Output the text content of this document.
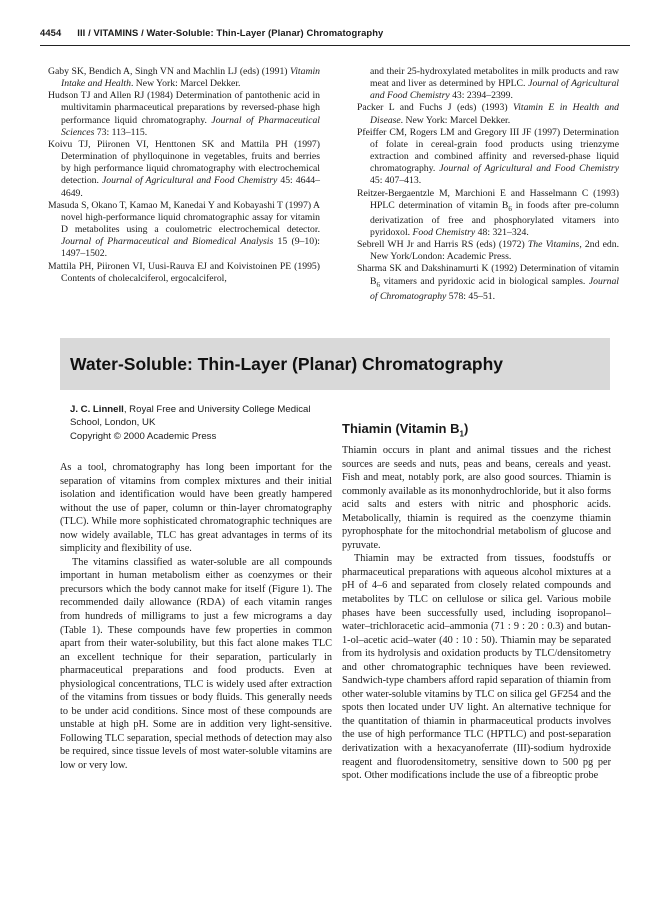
4454 III / VITAMINS / Water-Soluble: Thin-Layer (Planar) Chromatography

Gaby SK, Bendich A, Singh VN and Machlin LJ (eds) (1991) Vitamin Intake and Health. New York: Marcel Dekker.

Hudson TJ and Allen RJ (1984) Determination of pantothenic acid in multivitamin pharmaceutical preparations by reversed-phase high performance liquid chromatography. Journal of Pharmaceutical Sciences 73: 113–115.

Koivu TJ, Piironen VI, Henttonen SK and Mattila PH (1997) Determination of phylloquinone in vegetables, fruits and berries by high performance liquid chromatography with electrochemical detection. Journal of Agricultural and Food Chemistry 45: 4644–4649.

Masuda S, Okano T, Kamao M, Kanedai Y and Kobayashi T (1997) A novel high-performance liquid chromatographic assay for vitamin D metabolites using a coulometric electrochemical detector. Journal of Pharmaceutical and Biomedical Analysis 15 (9–10): 1497–1502.

Mattila PH, Piironen VI, Uusi-Rauva EJ and Koivistoinen PE (1995) Contents of cholecalciferol, ergocalciferol,

and their 25-hydroxylated metabolites in milk products and raw meat and liver as determined by HPLC. Journal of Agricultural and Food Chemistry 43: 2394–2399.

Packer L and Fuchs J (eds) (1993) Vitamin E in Health and Disease. New York: Marcel Dekker.

Pfeiffer CM, Rogers LM and Gregory III JF (1997) Determination of folate in cereal-grain food products using trienzyme extraction and combined affinity and reversed-phase liquid chromatography. Journal of Agricultural and Food Chemistry 45: 407–413.

Reitzer-Bergaentzle M, Marchioni E and Hasselmann C (1993) HPLC determination of vitamin $B_6$ in foods after pre-column derivatization of free and phosphorylated vitamers into pyridoxol. Food Chemistry 48: 321–324.

Sebrell WH Jr and Harris RS (eds) (1972) The Vitamins, 2nd edn. New York/London: Academic Press.

Sharma SK and Dakshinamurti K (1992) Determination of vitamin $B_6$ vitamers and pyridoxic acid in biological samples. Journal of Chromatography 578: 45–51.

Water-Soluble: Thin-Layer (Planar) Chromatography
J. C. Linnell, Royal Free and University College Medical School, London, UK
Copyright © 2000 Academic Press

As a tool, chromatography has long been important for the separation of vitamins from complex mixtures and their initial isolation and identification would have been greatly hampered without the use of paper, column or thin-layer chromatography (TLC). While more sophisticated chromatographic techniques are now widely available, TLC has great advantages in terms of its simplicity and flexibility of use.

The vitamins classified as water-soluble are all compounds important in human metabolism either as coenzymes or their precursors which the body cannot make for itself (Figure 1). The recommended daily allowance (RDA) of each vitamin ranges from hundreds of milligrams to just a few micrograms a day (Table 1). These compounds have few properties in common apart from their water-solubility, but this fact alone makes TLC an excellent technique for their separation, particularly in pharmaceutical preparations and food products. Even at physiological concentrations, TLC is widely used after extraction of the vitamins from tissues or body fluids. This generally needs to be under acid conditions. Since most of these compounds are unstable at high pH. Some are in addition very light-sensitive. Following TLC separation, special methods of detection may also be required, since tissue levels of most water-soluble vitamins are low or very low.

Thiamin (Vitamin $B_1$)

Thiamin occurs in plant and animal tissues and the richest sources are seeds and nuts, peas and beans, cereals and yeast. Fish and meat, notably pork, are also good sources. Thiamin is commonly available as its mononhydrochloride, but it also forms acid salts and esters with nitric and phosphoric acids. Metabolically, thiamin is required as the coenzyme thiamin pyrophosphate for the mitochondrial metabolism of glucose and pyruvate.

Thiamin may be extracted from tissues, foodstuffs or pharmaceutical preparations with aqueous alcohol mixtures at a pH of 4–6 and separated from closely related compounds and metabolites by TLC on cellulose or silica gel. Various mobile phases have been successfully used, including isopropanol–water–trichloracetic acid–ammonia (71 : 9 : 20 : 0.3) and butan-1-ol–acetic acid–water (40 : 10 : 50). Thiamin may be separated from its hydrolysis and oxidation products by TLC/densitometry and other chromatographic techniques have been reviewed. Sandwich-type chambers afford rapid separation of thiamin from other water-soluble vitamins by TLC on silica gel GF254 and the spots then located under UV light. An alternative technique for the quantitation of thiamin in pharmaceutical products involves the use of high performance TLC (HPTLC) and post-separation derivatization with a hexacyanoferrate (III)-sodium hydroxide reagent and fluorodensitometry, sensitive down to 500 pg per spot. Other modifications include the use of a fibreoptic probe
